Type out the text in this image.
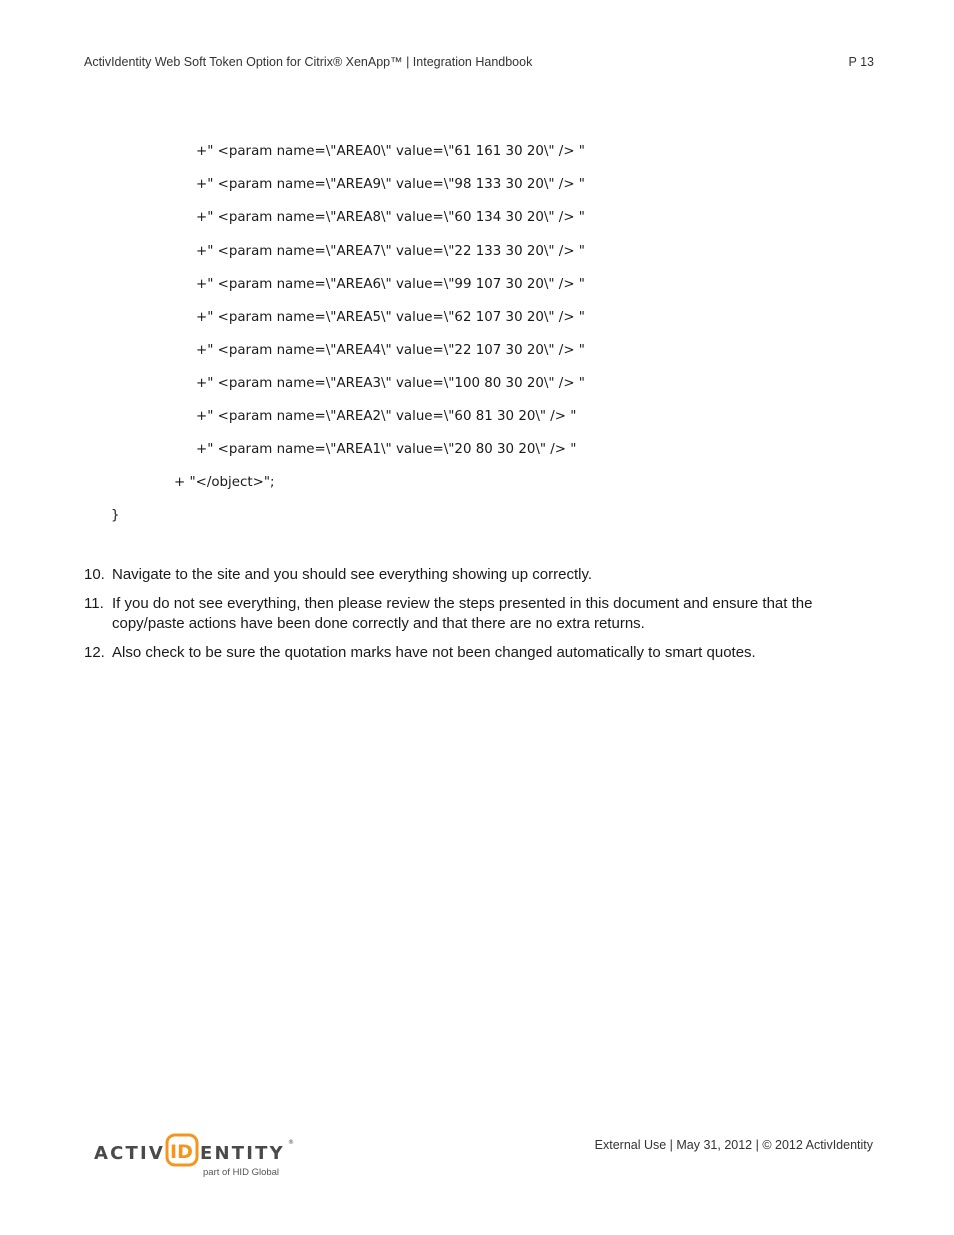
ActivIdentity Web Soft Token Option for Citrix® XenApp™ | Integration Handbook	P 13
+" <param name=\"AREA0\" value=\"61 161 30 20\" /> "
+" <param name=\"AREA9\" value=\"98 133 30 20\" /> "
+" <param name=\"AREA8\" value=\"60 134 30 20\" /> "
+" <param name=\"AREA7\" value=\"22 133 30 20\" /> "
+" <param name=\"AREA6\" value=\"99 107 30 20\" /> "
+" <param name=\"AREA5\" value=\"62 107 30 20\" /> "
+" <param name=\"AREA4\" value=\"22 107 30 20\" /> "
+" <param name=\"AREA3\" value=\"100 80 30 20\" /> "
+" <param name=\"AREA2\" value=\"60 81 30 20\" /> "
+" <param name=\"AREA1\" value=\"20 80 30 20\" /> "
+ "</object>";
}
10. Navigate to the site and you should see everything showing up correctly.
11. If you do not see everything, then please review the steps presented in this document and ensure that the copy/paste actions have been done correctly and that there are no extra returns.
12. Also check to be sure the quotation marks have not been changed automatically to smart quotes.
ACTIV ID ENTITY
®
part of HID Global
External Use | May 31, 2012 | © 2012 ActivIdentity
